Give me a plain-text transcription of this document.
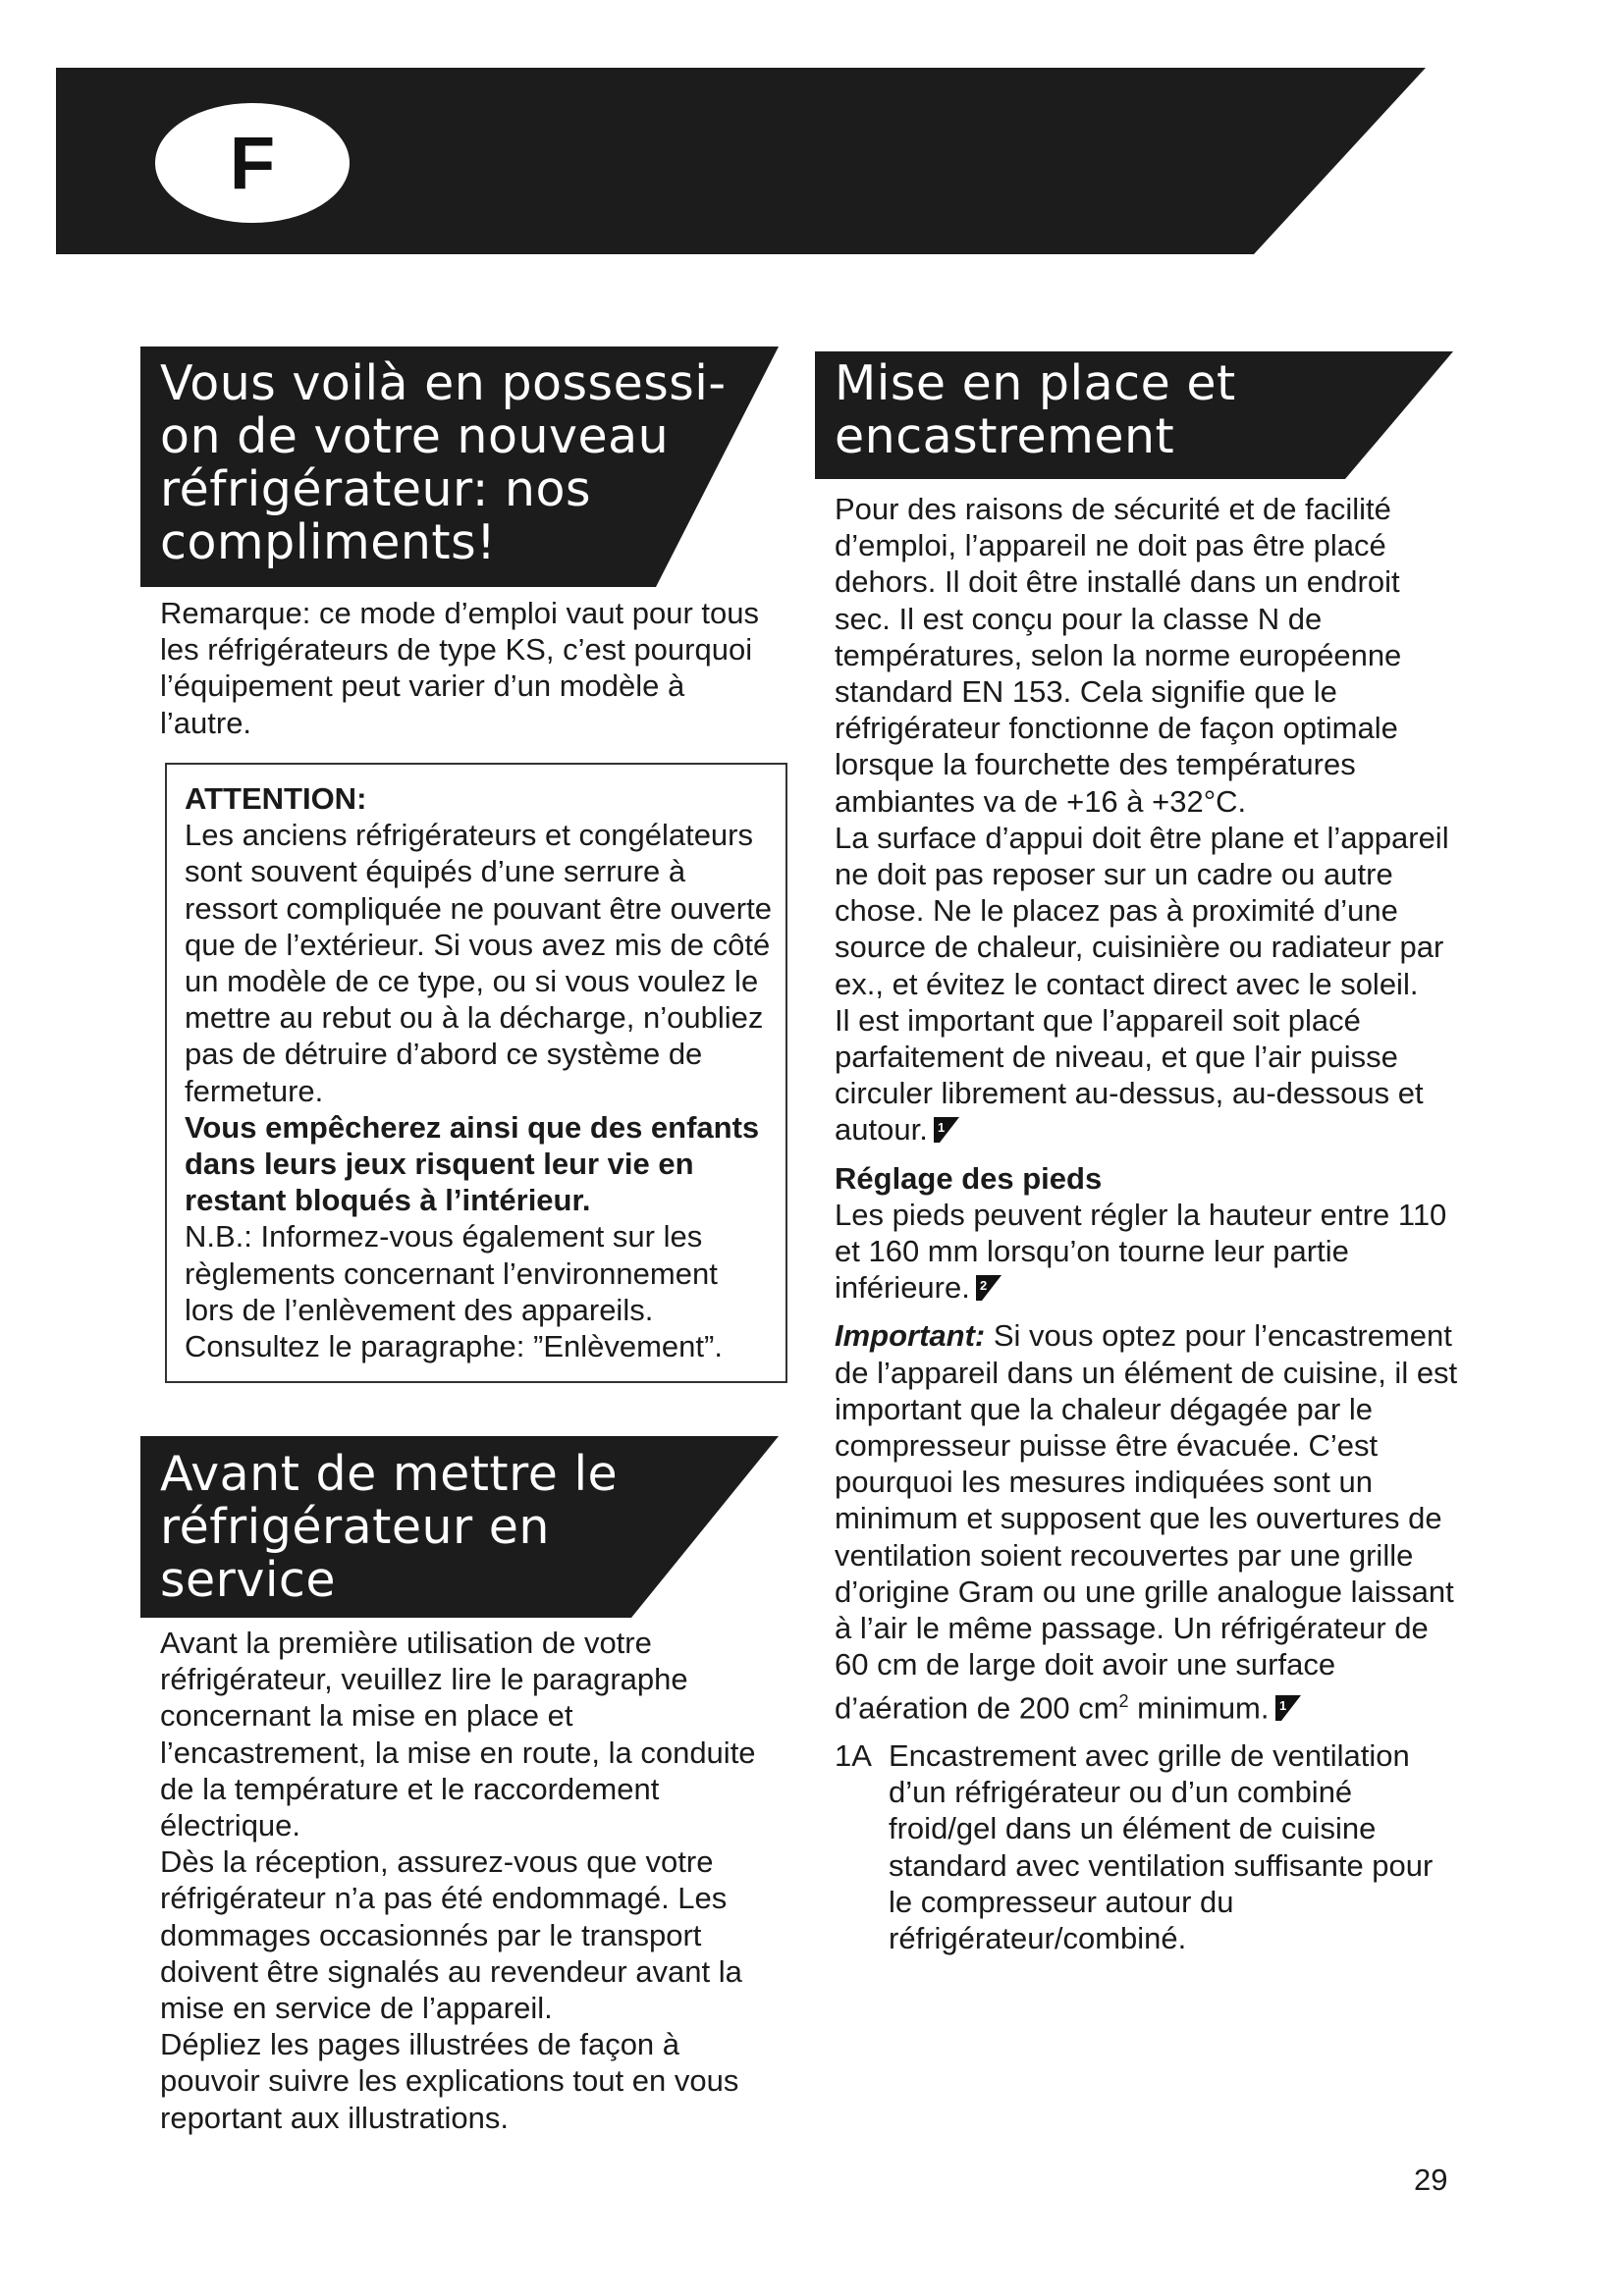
F
Vous voilà en possessi-
on de votre nouveau
réfrigérateur: nos
compliments!
Remarque: ce mode d’emploi vaut pour tous les réfrigérateurs de type KS, c’est pourquoi l’équipement peut varier d’un modèle à l’autre.

ATTENTION:

Les anciens réfrigérateurs et congélateurs sont souvent équipés d’une serrure à ressort compliquée ne pouvant être ouverte que de l’extérieur. Si vous avez mis de côté un modèle de ce type, ou si vous voulez le mettre au rebut ou à la décharge, n’oubliez pas de détruire d’abord ce système de fermeture.

Vous empêcherez ainsi que des enfants dans leurs jeux risquent leur vie en restant bloqués à l’intérieur.

N.B.: Informez-vous également sur les règlements concernant l’environnement lors de l’enlèvement des appareils. Consultez le paragraphe: ”Enlèvement”.

Avant de mettre le
réfrigérateur en
service

Avant la première utilisation de votre réfrigérateur, veuillez lire le paragraphe concernant la mise en place et l’encastrement, la mise en route, la conduite de la température et le raccordement électrique.

Dès la réception, assurez-vous que votre réfrigérateur n’a pas été endommagé. Les dommages occasionnés par le transport doivent être signalés au revendeur avant la mise en service de l’appareil.

Dépliez les pages illustrées de façon à pouvoir suivre les explications tout en vous reportant aux illustrations.

Mise en place et
encastrement

Pour des raisons de sécurité et de facilité d’emploi, l’appareil ne doit pas être placé dehors. Il doit être installé dans un endroit sec. Il est conçu pour la classe N de températures, selon la norme européenne standard EN 153. Cela signifie que le réfrigérateur fonctionne de façon optimale lorsque la fourchette des températures ambiantes va de +16 à +32°C.

La surface d’appui doit être plane et l’appareil ne doit pas reposer sur un cadre ou autre chose. Ne le placez pas à proximité d’une source de chaleur, cuisinière ou radiateur par ex., et évitez le contact direct avec le soleil.

Il est important que l’appareil soit placé parfaitement de niveau, et que l’air puisse circuler librement au-dessus, au-dessous et autour. 1

Réglage des pieds

Les pieds peuvent régler la hauteur entre 110 et 160 mm lorsqu’on tourne leur partie inférieure. 2

Important: Si vous optez pour l’encastrement de l’appareil dans un élément de cuisine, il est important que la chaleur dégagée par le compresseur puisse être évacuée. C’est pourquoi les mesures indiquées sont un minimum et supposent que les ouvertures de ventilation soient recouvertes par une grille d’origine Gram ou une grille analogue laissant à l’air le même passage. Un réfrigérateur de 60 cm de large doit avoir une surface d’aération de 200 $cm^2$ minimum. 1

1A Encastrement avec grille de ventilation d’un réfrigérateur ou d’un combiné froid/gel dans un élément de cuisine standard avec ventilation suffisante pour le compresseur autour du réfrigérateur/combiné.

29
